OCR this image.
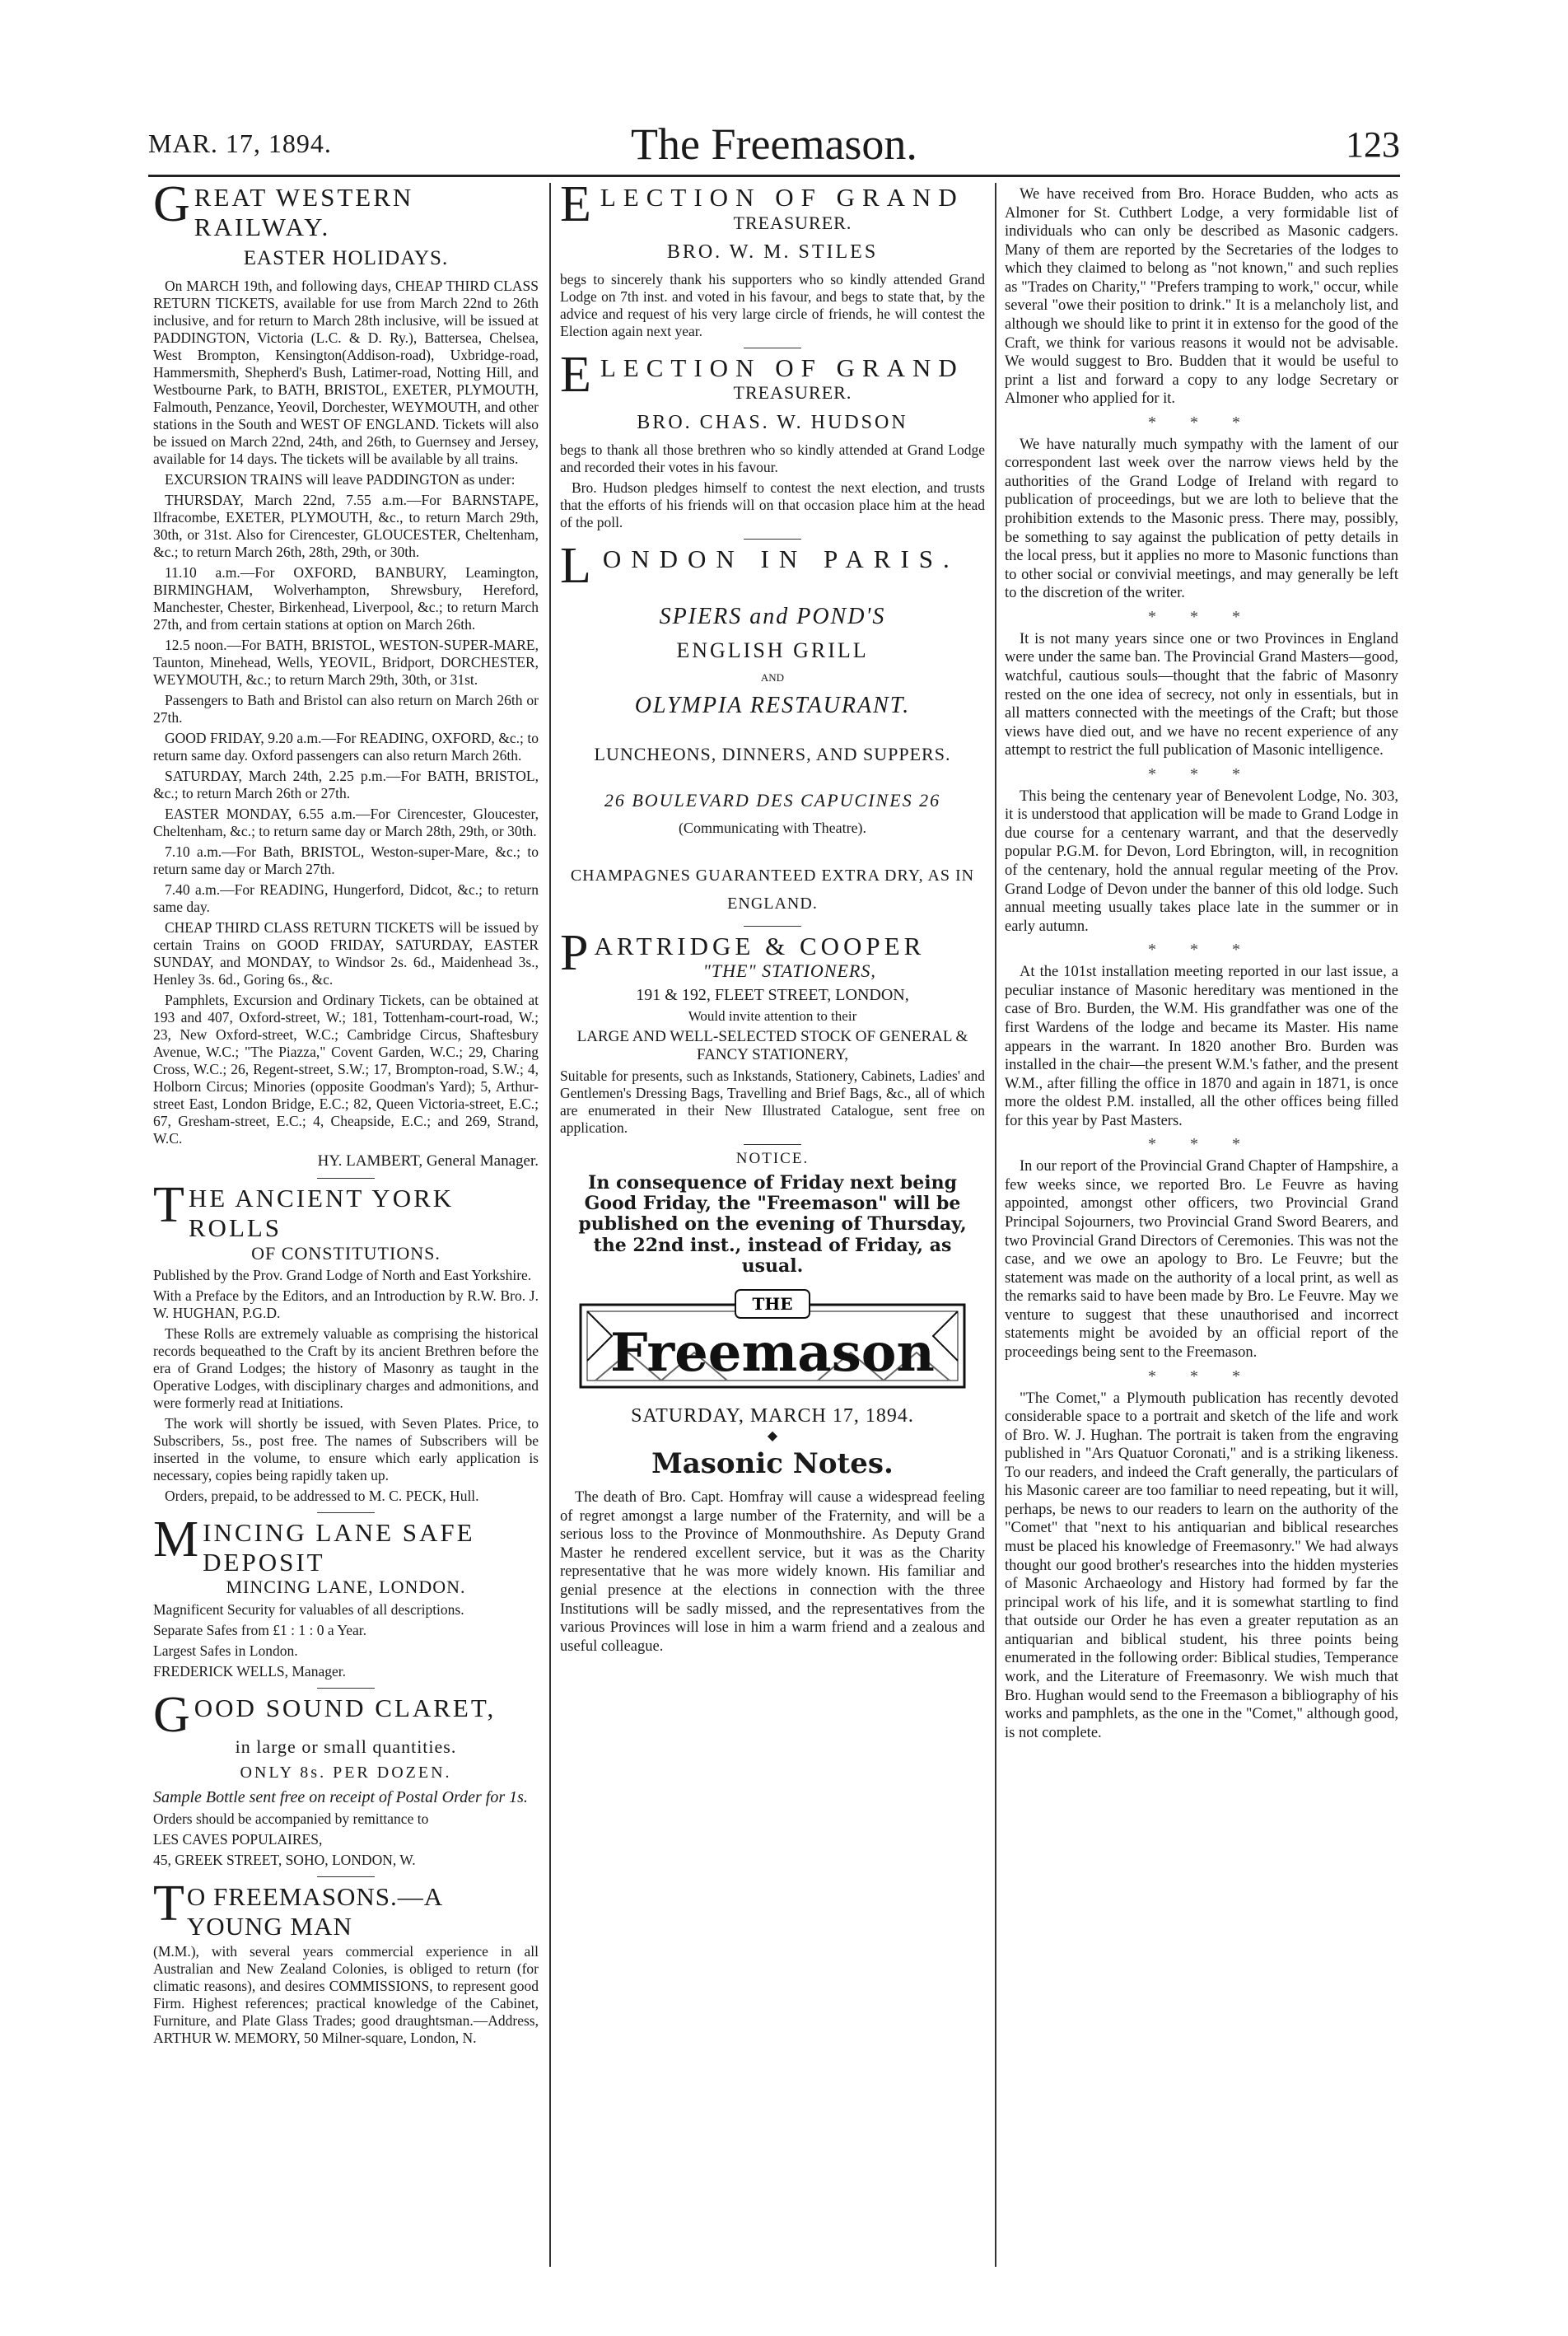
MAR. 17, 1894.	The Freemason.	123
GREAT WESTERN RAILWAY.
EASTER HOLIDAYS.

On MARCH 19th, and following days, CHEAP THIRD CLASS RETURN TICKETS, available for use from March 22nd to 26th inclusive, and for return to March 28th inclusive, will be issued at PADDINGTON, Victoria (L.C. & D. Ry.), Battersea, Chelsea, West Brompton, Kensington(Addison-road), Uxbridge-road, Hammersmith, Shepherd's Bush, Latimer-road, Notting Hill, and Westbourne Park, to BATH, BRISTOL, EXETER, PLYMOUTH, Falmouth, Penzance, Yeovil, Dorchester, WEYMOUTH, and other stations in the South and WEST OF ENGLAND. Tickets will also be issued on March 22nd, 24th, and 26th, to Guernsey and Jersey, available for 14 days. The tickets will be available by all trains.

EXCURSION TRAINS will leave PADDINGTON as under:

THURSDAY, March 22nd, 7.55 a.m.—For BARNSTAPE, Ilfracombe, EXETER, PLYMOUTH, &c., to return March 29th, 30th, or 31st. Also for Cirencester, GLOUCESTER, Cheltenham, &c.; to return March 26th, 28th, 29th, or 30th.

11.10 a.m.—For OXFORD, BANBURY, Leamington, BIRMINGHAM, Wolverhampton, Shrewsbury, Hereford, Manchester, Chester, Birkenhead, Liverpool, &c.; to return March 27th, and from certain stations at option on March 26th.

12.5 noon.—For BATH, BRISTOL, WESTON-SUPER-MARE, Taunton, Minehead, Wells, YEOVIL, Bridport, DORCHESTER, WEYMOUTH, &c.; to return March 29th, 30th, or 31st.

Passengers to Bath and Bristol can also return on March 26th or 27th.

GOOD FRIDAY, 9.20 a.m.—For READING, OXFORD, &c.; to return same day. Oxford passengers can also return March 26th.

SATURDAY, March 24th, 2.25 p.m.—For BATH, BRISTOL, &c.; to return March 26th or 27th.

EASTER MONDAY, 6.55 a.m.—For Cirencester, Gloucester, Cheltenham, &c.; to return same day or March 28th, 29th, or 30th.

7.10 a.m.—For Bath, BRISTOL, Weston-super-Mare, &c.; to return same day or March 27th.

7.40 a.m.—For READING, Hungerford, Didcot, &c.; to return same day.

CHEAP THIRD CLASS RETURN TICKETS will be issued by certain Trains on GOOD FRIDAY, SATURDAY, EASTER SUNDAY, and MONDAY, to Windsor 2s. 6d., Maidenhead 3s., Henley 3s. 6d., Goring 6s., &c.

Pamphlets, Excursion and Ordinary Tickets, can be obtained at 193 and 407, Oxford-street, W.; 181, Tottenham-court-road, W.; 23, New Oxford-street, W.C.; Cambridge Circus, Shaftesbury Avenue, W.C.; "The Piazza," Covent Garden, W.C.; 29, Charing Cross, W.C.; 26, Regent-street, S.W.; 17, Brompton-road, S.W.; 4, Holborn Circus; Minories (opposite Goodman's Yard); 5, Arthur-street East, London Bridge, E.C.; 82, Queen Victoria-street, E.C.; 67, Gresham-street, E.C.; 4, Cheapside, E.C.; and 269, Strand, W.C.

HY. LAMBERT, General Manager.
THE ANCIENT YORK ROLLS
OF CONSTITUTIONS.

Published by the Prov. Grand Lodge of North and East Yorkshire.

With a Preface by the Editors, and an Introduction by R.W. Bro. J. W. HUGHAN, P.G.D.

These Rolls are extremely valuable as comprising the historical records bequeathed to the Craft by its ancient Brethren before the era of Grand Lodges; the history of Masonry as taught in the Operative Lodges, with disciplinary charges and admonitions, and were formerly read at Initiations.

The work will shortly be issued, with Seven Plates. Price, to Subscribers, 5s., post free. The names of Subscribers will be inserted in the volume, to ensure which early application is necessary, copies being rapidly taken up.

Orders, prepaid, to be addressed to M. C. PECK, Hull.

MINCING LANE SAFE DEPOSIT
MINCING LANE, LONDON.

Magnificent Security for valuables of all descriptions.

Separate Safes from £1 : 1 : 0 a Year.

Largest Safes in London.

FREDERICK WELLS, Manager.

GOOD SOUND CLARET,
in large or small quantities.
ONLY 8s. PER DOZEN.

Sample Bottle sent free on receipt of Postal Order for 1s.

Orders should be accompanied by remittance to

LES CAVES POPULAIRES,

45, GREEK STREET, SOHO, LONDON, W.

T O FREEMASONS.—A YOUNG MAN

(M.M.), with several years commercial experience in all Australian and New Zealand Colonies, is obliged to return (for climatic reasons), and desires COMMISSIONS, to represent good Firm. Highest references; practical knowledge of the Cabinet, Furniture, and Plate Glass Trades; good draughtsman.—Address, ARTHUR W. MEMORY, 50 Milner-square, London, N.

ELECTION OF GRAND
TREASURER.
BRO. W. M. STILES

begs to sincerely thank his supporters who so kindly attended Grand Lodge on 7th inst. and voted in his favour, and begs to state that, by the advice and request of his very large circle of friends, he will contest the Election again next year.

ELECTION OF GRAND
TREASURER.
BRO. CHAS. W. HUDSON

begs to thank all those brethren who so kindly attended at Grand Lodge and recorded their votes in his favour.

Bro. Hudson pledges himself to contest the next election, and trusts that the efforts of his friends will on that occasion place him at the head of the poll.

LONDON IN PARIS.
SPIERS and POND'S
ENGLISH GRILL
AND
OLYMPIA RESTAURANT.
LUNCHEONS, DINNERS, AND SUPPERS.
26 BOULEVARD DES CAPUCINES 26
(Communicating with Theatre).
CHAMPAGNES GUARANTEED EXTRA DRY, AS IN ENGLAND.
PARTRIDGE & COOPER
"THE" STATIONERS,
191 & 192, FLEET STREET, LONDON,
Would invite attention to their
LARGE AND WELL-SELECTED STOCK OF GENERAL & FANCY STATIONERY,

Suitable for presents, such as Inkstands, Stationery, Cabinets, Ladies' and Gentlemen's Dressing Bags, Travelling and Brief Bags, &c., all of which are enumerated in their New Illustrated Catalogue, sent free on application.

NOTICE.
In consequence of Friday next being Good Friday, the "Freemason" will be published on the evening of Thursday, the 22nd inst., instead of Friday, as usual.
THE
Freemason
SATURDAY, MARCH 17, 1894.
◆
Masonic Notes.

The death of Bro. Capt. Homfray will cause a widespread feeling of regret amongst a large number of the Fraternity, and will be a serious loss to the Province of Monmouthshire. As Deputy Grand Master he rendered excellent service, but it was as the Charity representative that he was more widely known. His familiar and genial presence at the elections in connection with the three Institutions will be sadly missed, and the representatives from the various Provinces will lose in him a warm friend and a zealous and useful colleague.

We have received from Bro. Horace Budden, who acts as Almoner for St. Cuthbert Lodge, a very formidable list of individuals who can only be described as Masonic cadgers. Many of them are reported by the Secretaries of the lodges to which they claimed to belong as "not known," and such replies as "Trades on Charity," "Prefers tramping to work," occur, while several "owe their position to drink." It is a melancholy list, and although we should like to print it in extenso for the good of the Craft, we think for various reasons it would not be advisable. We would suggest to Bro. Budden that it would be useful to print a list and forward a copy to any lodge Secretary or Almoner who applied for it.

* * *

We have naturally much sympathy with the lament of our correspondent last week over the narrow views held by the authorities of the Grand Lodge of Ireland with regard to publication of proceedings, but we are loth to believe that the prohibition extends to the Masonic press. There may, possibly, be something to say against the publication of petty details in the local press, but it applies no more to Masonic functions than to other social or convivial meetings, and may generally be left to the discretion of the writer.

* * *

It is not many years since one or two Provinces in England were under the same ban. The Provincial Grand Masters—good, watchful, cautious souls—thought that the fabric of Masonry rested on the one idea of secrecy, not only in essentials, but in all matters connected with the meetings of the Craft; but those views have died out, and we have no recent experience of any attempt to restrict the full publication of Masonic intelligence.

* * *

This being the centenary year of Benevolent Lodge, No. 303, it is understood that application will be made to Grand Lodge in due course for a centenary warrant, and that the deservedly popular P.G.M. for Devon, Lord Ebrington, will, in recognition of the centenary, hold the annual regular meeting of the Prov. Grand Lodge of Devon under the banner of this old lodge. Such annual meeting usually takes place late in the summer or in early autumn.

* * *

At the 101st installation meeting reported in our last issue, a peculiar instance of Masonic hereditary was mentioned in the case of Bro. Burden, the W.M. His grandfather was one of the first Wardens of the lodge and became its Master. His name appears in the warrant. In 1820 another Bro. Burden was installed in the chair—the present W.M.'s father, and the present W.M., after filling the office in 1870 and again in 1871, is once more the oldest P.M. installed, all the other offices being filled for this year by Past Masters.

* * *

In our report of the Provincial Grand Chapter of Hampshire, a few weeks since, we reported Bro. Le Feuvre as having appointed, amongst other officers, two Provincial Grand Principal Sojourners, two Provincial Grand Sword Bearers, and two Provincial Grand Directors of Ceremonies. This was not the case, and we owe an apology to Bro. Le Feuvre; but the statement was made on the authority of a local print, as well as the remarks said to have been made by Bro. Le Feuvre. May we venture to suggest that these unauthorised and incorrect statements might be avoided by an official report of the proceedings being sent to the Freemason.

* * *

"The Comet," a Plymouth publication has recently devoted considerable space to a portrait and sketch of the life and work of Bro. W. J. Hughan. The portrait is taken from the engraving published in "Ars Quatuor Coronati," and is a striking likeness. To our readers, and indeed the Craft generally, the particulars of his Masonic career are too familiar to need repeating, but it will, perhaps, be news to our readers to learn on the authority of the "Comet" that "next to his antiquarian and biblical researches must be placed his knowledge of Freemasonry." We had always thought our good brother's researches into the hidden mysteries of Masonic Archaeology and History had formed by far the principal work of his life, and it is somewhat startling to find that outside our Order he has even a greater reputation as an antiquarian and biblical student, his three points being enumerated in the following order: Biblical studies, Temperance work, and the Literature of Freemasonry. We wish much that Bro. Hughan would send to the Freemason a bibliography of his works and pamphlets, as the one in the "Comet," although good, is not complete.
